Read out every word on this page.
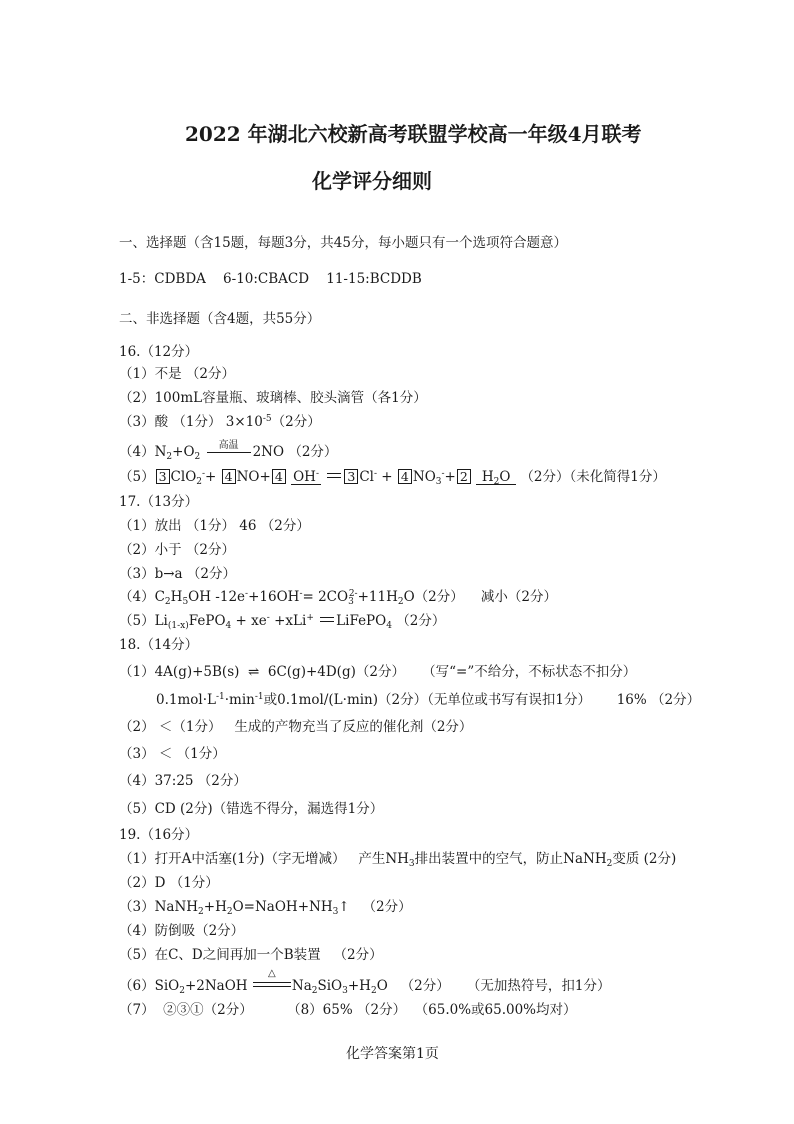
2022 年湖北六校新高考联盟学校高一年级4月联考
化学评分细则
一、选择题（含15题，每题3分，共45分，每小题只有一个选项符合题意）
1-5：CDBDA    6-10:CBACD    11-15:BCDDB
二、非选择题（含4题，共55分）
16.（12分）
（1）不是 （2分）
（2）100mL容量瓶、玻璃棒、胶头滴管（各1分）
（3）酸 （1分） $3\times 10^{-5}(2$分）
$(4)N_2+O_2$
高温	2NO （2分）
（5） 3 ClO$_2$-+ 4 NO+ 4 OH- 3 Cl- + 4 $NO_3^-+ 2$ $H_2O$ （2分）（未化简得1分）
17.（13分）
（1）放出 （1分） 46 （2分）
（2）小于 （2分）
（3）b→a （2分）
$(4)C_2H_5OH$ $-12e^-+16OH^-= 2CO_3^{2-}+11H_2O(2$分）    减小（2分）
$(5)Li_{(1-x)}FePO_4 + xe^- +xLi^+$ LiFePO$_4$ （2分）
18.（14分）
（1）4A(g)+5B(s)  ⇌  6C(g)+4D(g)（2分）    （写“=”不给分，不标状态不扣分）
$0.1mol\cdot L^{-1}\cdot\min^{-1}$或0.1mol/(L·min)（2分）（无单位或书写有误扣1分）      16% （2分）
（2） ＜（1分）   生成的产物充当了反应的催化剂（2分）
（3） ＜ （1分）
（4）37:25 （2分）
（5）CD (2分)（错选不得分，漏选得1分）
19.（16分）
（1）打开A中活塞(1分)（字无增减）   产生$NH_3$排出装置中的空气，防止NaNH$_2$变质 (2分)
（2）D （1分）
$(3)NaNH_2+H_2O=NaOH+NH_3↑$   （2分）
（4）防倒吸（2分）
（5）在C、D之间再加一个B装置   （2分）
（6）SiO$_2$+2NaOH
△
$Na_2SiO_3+H_2O$   （2分）    （无加热符号，扣1分）
（7）  ②③①（2分）        （8）65% （2分）  （65.0%或65.00%均对）
化学答案第1页
